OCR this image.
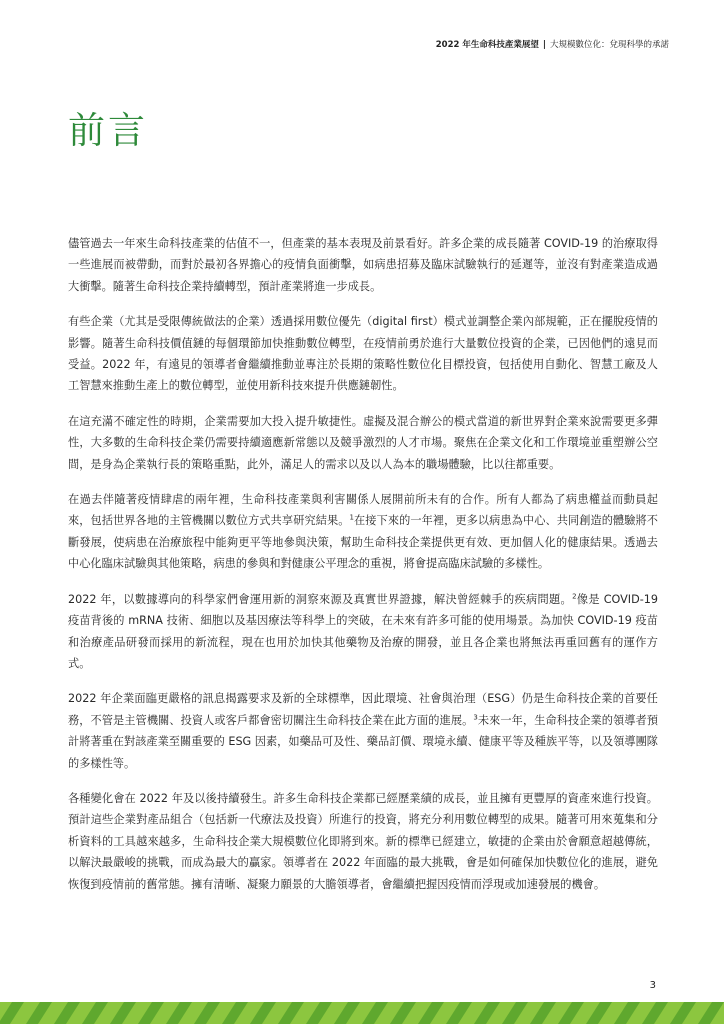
2022 年生命科技產業展望 | 大規模數位化：兌現科學的承諾
前言

儘管過去一年來生命科技產業的估值不一，但產業的基本表現及前景看好。許多企業的成長隨著 COVID-19 的治療取得一些進展而被帶動，而對於最初各界擔心的疫情負面衝擊，如病患招募及臨床試驗執行的延遲等，並沒有對產業造成過大衝擊。隨著生命科技企業持續轉型，預計產業將進一步成長。

有些企業（尤其是受限傳統做法的企業）透過採用數位優先（digital first）模式並調整企業內部規範，正在擺脫疫情的影響。隨著生命科技價值鏈的每個環節加快推動數位轉型，在疫情前勇於進行大量數位投資的企業，已因他們的遠見而受益。2022 年，有遠見的領導者會繼續推動並專注於長期的策略性數位化目標投資，包括使用自動化、智慧工廠及人工智慧來推動生產上的數位轉型，並使用新科技來提升供應鏈韌性。

在這充滿不確定性的時期，企業需要加大投入提升敏捷性。虛擬及混合辦公的模式當道的新世界對企業來說需要更多彈性，大多數的生命科技企業仍需要持續適應新常態以及競爭激烈的人才市場。聚焦在企業文化和工作環境並重塑辦公空間，是身為企業執行長的策略重點，此外，滿足人的需求以及以人為本的職場體驗，比以往都重要。

在過去伴隨著疫情肆虐的兩年裡，生命科技產業與利害關係人展開前所未有的合作。所有人都為了病患權益而動員起來，包括世界各地的主管機關以數位方式共享研究結果。$^1$在接下來的一年裡，更多以病患為中心、共同創造的體驗將不斷發展，使病患在治療旅程中能夠更平等地參與決策，幫助生命科技企業提供更有效、更加個人化的健康結果。透過去中心化臨床試驗與其他策略，病患的參與和對健康公平理念的重視，將會提高臨床試驗的多樣性。

2022 年，以數據導向的科學家們會運用新的洞察來源及真實世界證據，解決曾經棘手的疾病問題。$^2$像是 COVID-19 疫苗背後的 mRNA 技術、細胞以及基因療法等科學上的突破，在未來有許多可能的使用場景。為加快 COVID-19 疫苗和治療產品研發而採用的新流程，現在也用於加快其他藥物及治療的開發，並且各企業也將無法再重回舊有的運作方式。

2022 年企業面臨更嚴格的訊息揭露要求及新的全球標準，因此環境、社會與治理（ESG）仍是生命科技企業的首要任務，不管是主管機關、投資人或客戶都會密切關注生命科技企業在此方面的進展。$^3$未來一年，生命科技企業的領導者預計將著重在對該產業至關重要的 ESG 因素，如藥品可及性、藥品訂價、環境永續、健康平等及種族平等，以及領導團隊的多樣性等。

各種變化會在 2022 年及以後持續發生。許多生命科技企業都已經歷業績的成長，並且擁有更豐厚的資產來進行投資。預計這些企業對產品組合（包括新一代療法及投資）所進行的投資，將充分利用數位轉型的成果。隨著可用來蒐集和分析資料的工具越來越多，生命科技企業大規模數位化即將到來。新的標準已經建立，敏捷的企業由於會願意超越傳統，以解決最嚴峻的挑戰，而成為最大的贏家。領導者在 2022 年面臨的最大挑戰，會是如何確保加快數位化的進展，避免恢復到疫情前的舊常態。擁有清晰、凝聚力願景的大膽領導者，會繼續把握因疫情而浮現或加速發展的機會。

3
